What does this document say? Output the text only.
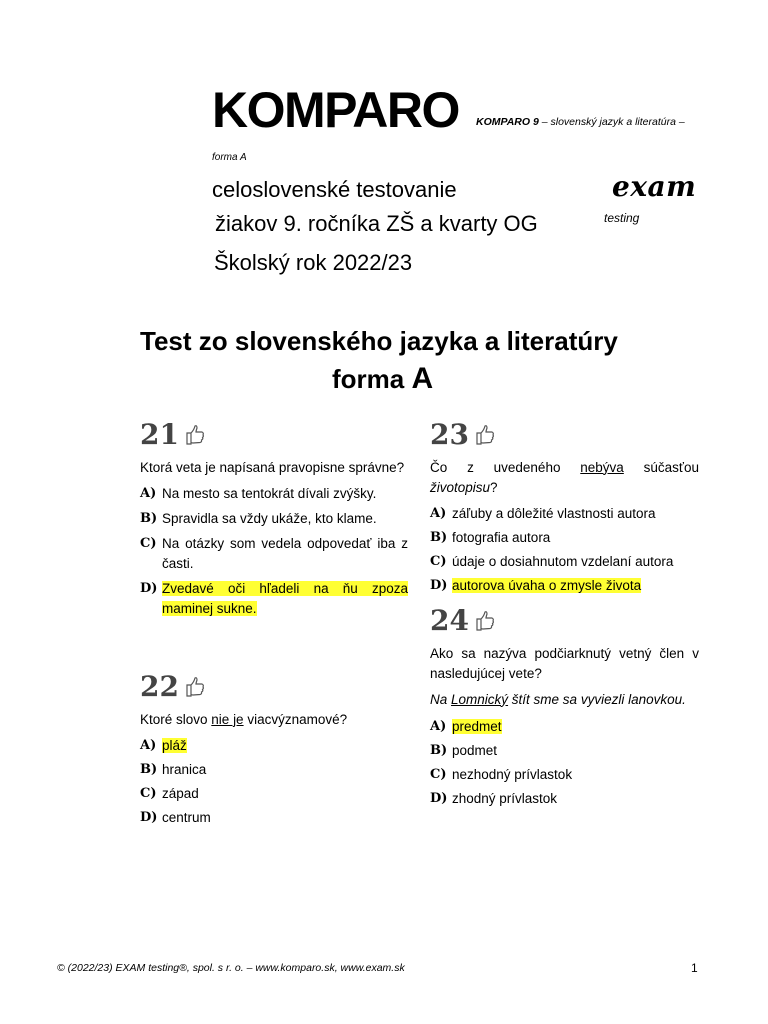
KOMPARO KOMPARO 9 – slovenský jazyk a literatúra –
forma A
celoslovenské testovanie
žiakov 9. ročníka ZŠ a kvarty OG
Školský rok 2022/23
exam
testing
Test zo slovenského jazyka a literatúry
forma A
21
Ktorá veta je napísaná pravopisne správne?
A) Na mesto sa tentokrát dívali zvýšky.
B) Spravidla sa vždy ukáže, kto klame.
C) Na otázky som vedela odpovedať iba z časti.
D) Zvedavé oči hľadeli na ňu zpoza maminej sukne.
22
Ktoré slovo nie je viacvýznamové?
A) pláž
B) hranica
C) západ
D) centrum
23
Čo z uvedeného nebýva súčasťou životopisu?
A) záľuby a dôležité vlastnosti autora
B) fotografia autora
C) údaje o dosiahnutom vzdelaní autora
D) autorova úvaha o zmysle života
24
Ako sa nazýva podčiarknutý vetný člen v nasledujúcej vete?
Na Lomnický štít sme sa vyviezli lanovkou.
A) predmet
B) podmet
C) nezhodný prívlastok
D) zhodný prívlastok
© (2022/23) EXAM testing®, spol. s r. o. – www.komparo.sk, www.exam.sk	1
